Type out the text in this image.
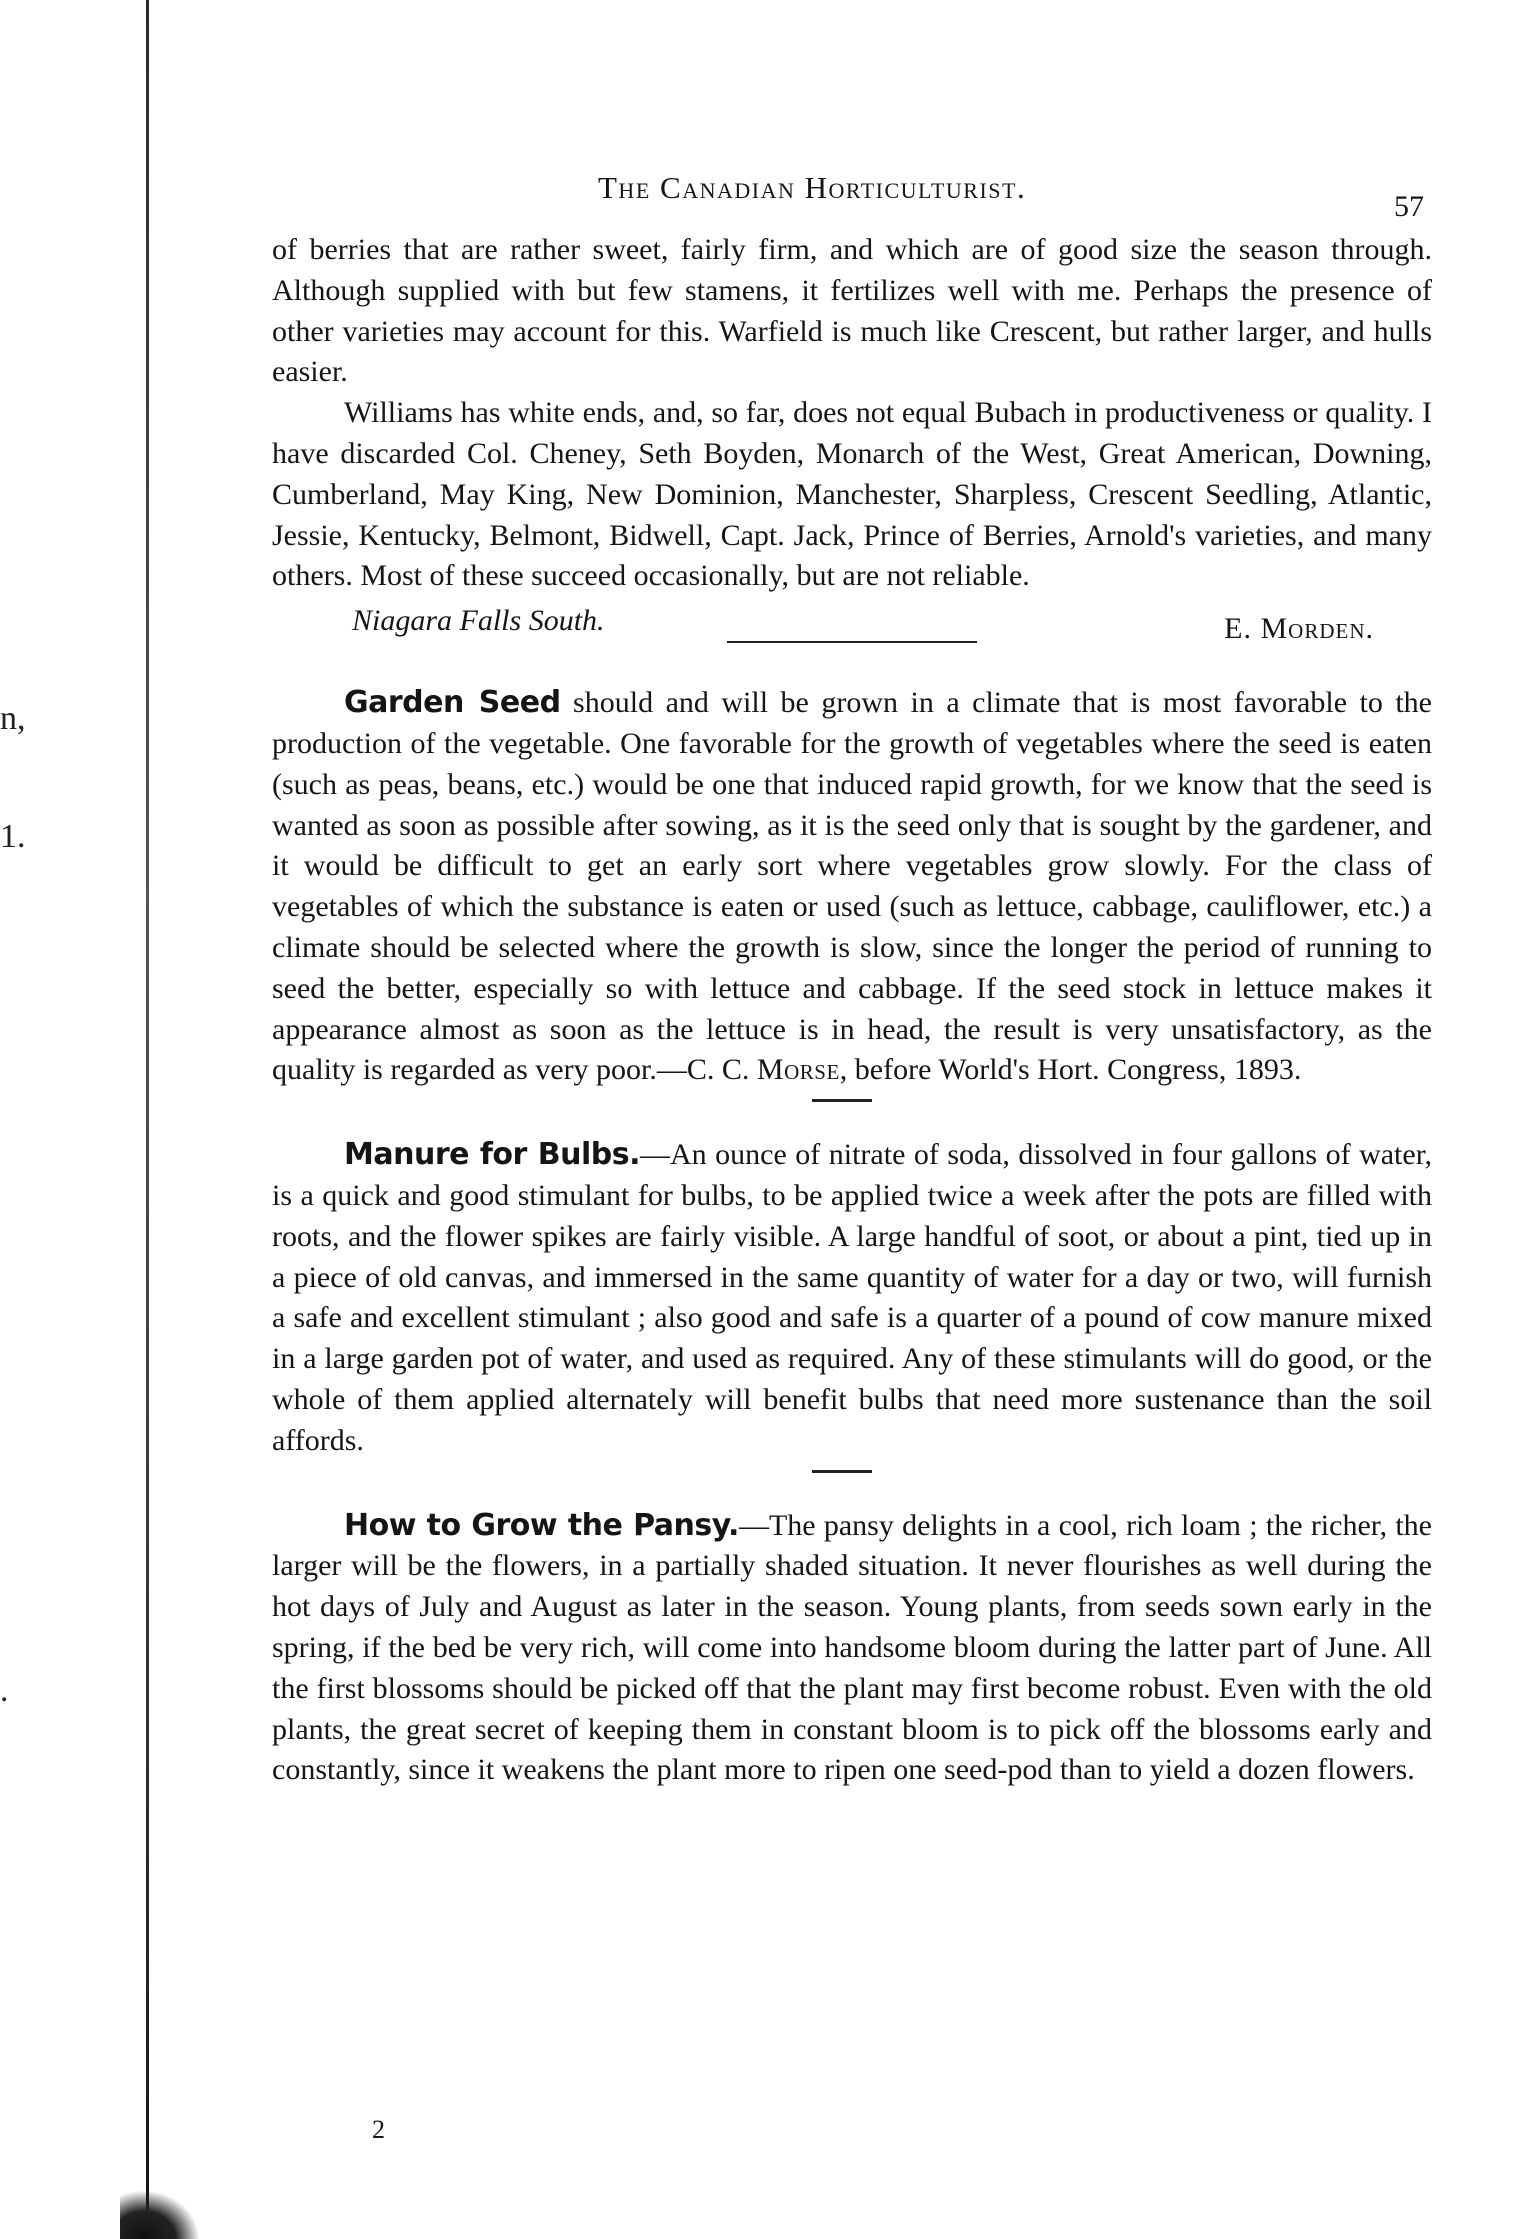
n,
1.
.
The Canadian Horticulturist.
57

of berries that are rather sweet, fairly firm, and which are of good size the season through. Although supplied with but few stamens, it fertilizes well with me. Perhaps the presence of other varieties may account for this. Warfield is much like Crescent, but rather larger, and hulls easier.

Williams has white ends, and, so far, does not equal Bubach in productiveness or quality. I have discarded Col. Cheney, Seth Boyden, Monarch of the West, Great American, Downing, Cumberland, May King, New Dominion, Manchester, Sharpless, Crescent Seedling, Atlantic, Jessie, Kentucky, Belmont, Bidwell, Capt. Jack, Prince of Berries, Arnold's varieties, and many others. Most of these succeed occasionally, but are not reliable.

Niagara Falls South.	E. Morden.

Garden Seed should and will be grown in a climate that is most favorable to the production of the vegetable. One favorable for the growth of vegetables where the seed is eaten (such as peas, beans, etc.) would be one that induced rapid growth, for we know that the seed is wanted as soon as possible after sowing, as it is the seed only that is sought by the gardener, and it would be difficult to get an early sort where vegetables grow slowly. For the class of vegetables of which the substance is eaten or used (such as lettuce, cabbage, cauliflower, etc.) a climate should be selected where the growth is slow, since the longer the period of running to seed the better, especially so with lettuce and cabbage. If the seed stock in lettuce makes it appearance almost as soon as the lettuce is in head, the result is very unsatisfactory, as the quality is regarded as very poor.—C. C. Morse, before World's Hort. Congress, 1893.

Manure for Bulbs.—An ounce of nitrate of soda, dissolved in four gallons of water, is a quick and good stimulant for bulbs, to be applied twice a week after the pots are filled with roots, and the flower spikes are fairly visible. A large handful of soot, or about a pint, tied up in a piece of old canvas, and immersed in the same quantity of water for a day or two, will furnish a safe and excellent stimulant ; also good and safe is a quarter of a pound of cow manure mixed in a large garden pot of water, and used as required. Any of these stimulants will do good, or the whole of them applied alternately will benefit bulbs that need more sustenance than the soil affords.

How to Grow the Pansy.—The pansy delights in a cool, rich loam ; the richer, the larger will be the flowers, in a partially shaded situation. It never flourishes as well during the hot days of July and August as later in the season. Young plants, from seeds sown early in the spring, if the bed be very rich, will come into handsome bloom during the latter part of June. All the first blossoms should be picked off that the plant may first become robust. Even with the old plants, the great secret of keeping them in constant bloom is to pick off the blossoms early and constantly, since it weakens the plant more to ripen one seed-pod than to yield a dozen flowers.

2
